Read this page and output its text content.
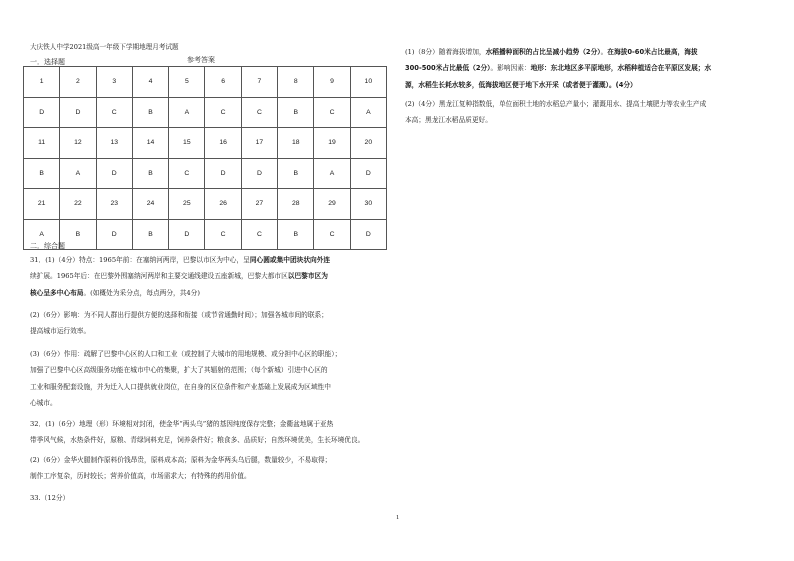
大庆铁人中学2021级高一年级下学期地理月考试题
参考答案
一．选择题
1	2	3	4	5	6	7	8	9	10
D	D	C	B	A	C	C	B	C	A
11	12	13	14	15	16	17	18	19	20
B	A	D	B	C	D	D	B	A	D
21	22	23	24	25	26	27	28	29	30
A	B	D	B	D	C	C	B	C	D
二．综合题
31．(1)（4分）特点：1965年前：在塞纳河两岸，巴黎以市区为中心，呈同心圆或集中团块状向外连
续扩展。1965年后：在巴黎外围塞纳河两岸和主要交通线建设五座新城，巴黎大都市区以巴黎市区为
核心呈多中心布局。(如概处为采分点，每点两分，共4分)
(2)（6分）影响：为不同人群出行提供方便的选择和衔接（或节省通勤时间）；加强各城市间的联系；
提高城市运行效率。
(3)（6分）作用：疏解了巴黎中心区的人口和工业（或控制了大城市的用地规模、或分担中心区的职能）；
加强了巴黎中心区高级服务功能在城市中心的集聚，扩大了其辐射的范围；（每个新城）引进中心区的
工业和服务配套设施，并为迁入人口提供就业岗位，在自身的区位条件和产业基础上发展成为区域性中
心城市。
32．(1)（6分）地理（形）环境相对封闭，使金华“两头乌”猪的基因纯度保存完整；金衢盆地属于亚热
带季风气候，水热条件好，原粮、青绿饲料充足，饲养条件好；粮食多、品质好；自然环境优美，生长环境优良。
(2)（6分）金华火腿制作原料价钱昂贵，原料成本高；原料为金华两头乌后腿，数量较少，不易取得；
制作工序复杂，历时较长；营养价值高，市场需求大；有特殊的药用价值。
33.（12分）
(1)（8分）随着海拔增加，水稻播种面积的占比呈减小趋势（2分）。在海拔0-60米占比最高，海拔
300-500米占比最低（2分）。影响因素：地形：东北地区多平原地形，水稻种植适合在平原区发展；水
源，水稻生长耗水较多，低海拔地区便于地下水开采（或者便于灌溉）。(4分）
(2)（4分）黑龙江复种指数低，单位面积土地的水稻总产量小；灌溉用水、提高土壤肥力等农业生产成
本高；黑龙江水稻品质更好。
1
